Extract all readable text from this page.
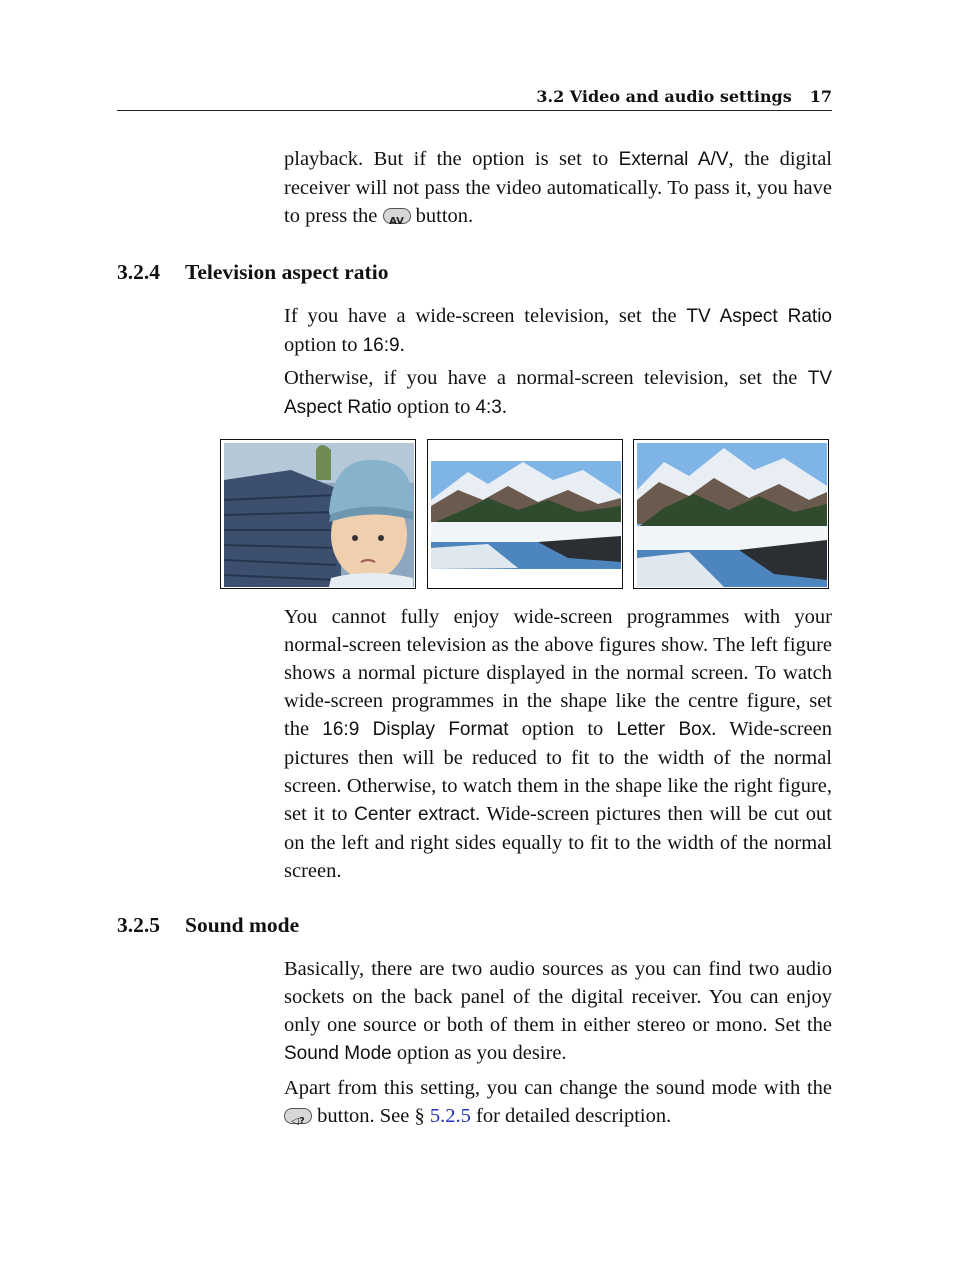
3.2 Video and audio settings 17

playback. But if the option is set to External A/V, the digital receiver will not pass the video automatically. To pass it, you have to press the AV button.

3.2.4 Television aspect ratio

If you have a wide-screen television, set the TV Aspect Ratio option to 16:9.

Otherwise, if you have a normal-screen television, set the TV Aspect Ratio option to 4:3.

You cannot fully enjoy wide-screen programmes with your normal-screen television as the above figures show. The left figure shows a normal picture displayed in the normal screen. To watch wide-screen programmes in the shape like the centre figure, set the 16:9 Display Format option to Letter Box. Wide-screen pictures then will be reduced to fit to the width of the normal screen. Otherwise, to watch them in the shape like the right figure, set it to Center extract. Wide-screen pictures then will be cut out on the left and right sides equally to fit to the width of the normal screen.

3.2.5 Sound mode

Basically, there are two audio sources as you can find two audio sockets on the back panel of the digital receiver. You can enjoy only one source or both of them in either stereo or mono. Set the Sound Mode option as you desire.

Apart from this setting, you can change the sound mode with the
◁? button. See § 5.2.5 for detailed description.
